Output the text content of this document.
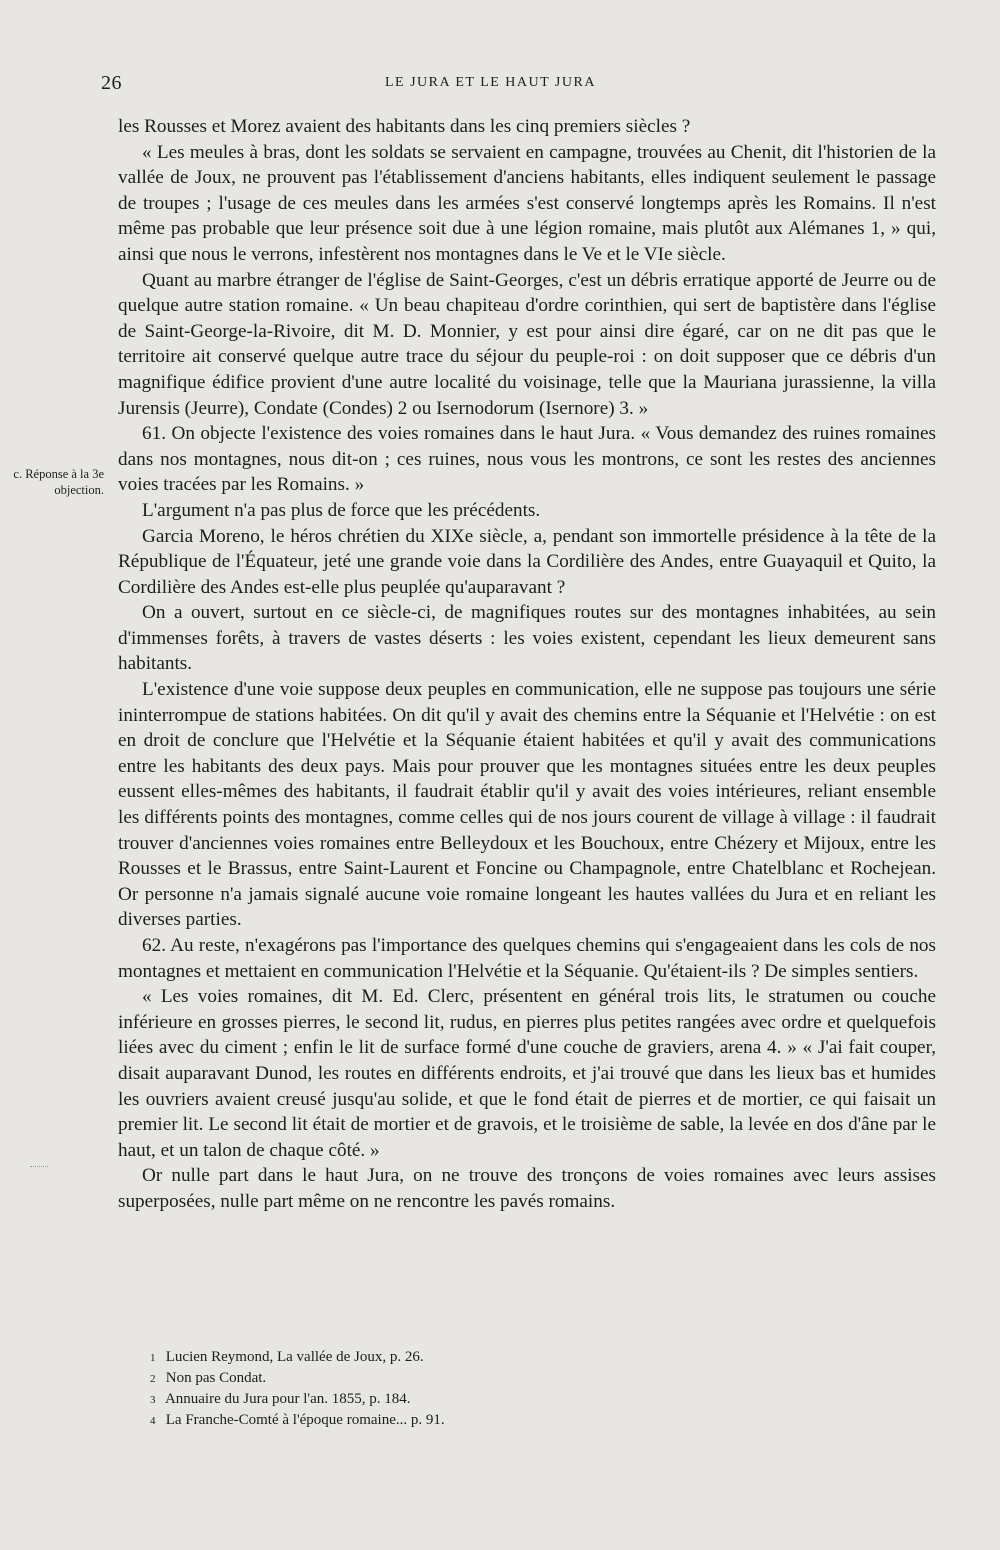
26	LE JURA ET LE HAUT JURA
c. Réponse à la 3e objection.

les Rousses et Morez avaient des habitants dans les cinq premiers siècles ?

« Les meules à bras, dont les soldats se servaient en campagne, trouvées au Chenit, dit l'historien de la vallée de Joux, ne prouvent pas l'établissement d'anciens habitants, elles indiquent seulement le passage de troupes ; l'usage de ces meules dans les armées s'est conservé longtemps après les Romains. Il n'est même pas probable que leur présence soit due à une légion romaine, mais plutôt aux Alémanes 1, » qui, ainsi que nous le verrons, infestèrent nos montagnes dans le Ve et le VIe siècle.

Quant au marbre étranger de l'église de Saint-Georges, c'est un débris erratique apporté de Jeurre ou de quelque autre station romaine. « Un beau chapiteau d'ordre corinthien, qui sert de baptistère dans l'église de Saint-George-la-Rivoire, dit M. D. Monnier, y est pour ainsi dire égaré, car on ne dit pas que le territoire ait conservé quelque autre trace du séjour du peuple-roi : on doit supposer que ce débris d'un magnifique édifice provient d'une autre localité du voisinage, telle que la Mauriana jurassienne, la villa Jurensis (Jeurre), Condate (Condes) 2 ou Isernodorum (Isernore) 3. »

61. On objecte l'existence des voies romaines dans le haut Jura. « Vous demandez des ruines romaines dans nos montagnes, nous dit-on ; ces ruines, nous vous les montrons, ce sont les restes des anciennes voies tracées par les Romains. »

L'argument n'a pas plus de force que les précédents.

Garcia Moreno, le héros chrétien du XIXe siècle, a, pendant son immortelle présidence à la tête de la République de l'Équateur, jeté une grande voie dans la Cordilière des Andes, entre Guayaquil et Quito, la Cordilière des Andes est-elle plus peuplée qu'auparavant ?

On a ouvert, surtout en ce siècle-ci, de magnifiques routes sur des montagnes inhabitées, au sein d'immenses forêts, à travers de vastes déserts : les voies existent, cependant les lieux demeurent sans habitants.

L'existence d'une voie suppose deux peuples en communication, elle ne suppose pas toujours une série ininterrompue de stations habitées. On dit qu'il y avait des chemins entre la Séquanie et l'Helvétie : on est en droit de conclure que l'Helvétie et la Séquanie étaient habitées et qu'il y avait des communications entre les habitants des deux pays. Mais pour prouver que les montagnes situées entre les deux peuples eussent elles-mêmes des habitants, il faudrait établir qu'il y avait des voies intérieures, reliant ensemble les différents points des montagnes, comme celles qui de nos jours courent de village à village : il faudrait trouver d'anciennes voies romaines entre Belleydoux et les Bouchoux, entre Chézery et Mijoux, entre les Rousses et le Brassus, entre Saint-Laurent et Foncine ou Champagnole, entre Chatelblanc et Rochejean. Or personne n'a jamais signalé aucune voie romaine longeant les hautes vallées du Jura et en reliant les diverses parties.

62. Au reste, n'exagérons pas l'importance des quelques chemins qui s'engageaient dans les cols de nos montagnes et mettaient en communication l'Helvétie et la Séquanie. Qu'étaient-ils ? De simples sentiers.

« Les voies romaines, dit M. Ed. Clerc, présentent en général trois lits, le stratumen ou couche inférieure en grosses pierres, le second lit, rudus, en pierres plus petites rangées avec ordre et quelquefois liées avec du ciment ; enfin le lit de surface formé d'une couche de graviers, arena 4. » « J'ai fait couper, disait auparavant Dunod, les routes en différents endroits, et j'ai trouvé que dans les lieux bas et humides les ouvriers avaient creusé jusqu'au solide, et que le fond était de pierres et de mortier, ce qui faisait un premier lit. Le second lit était de mortier et de gravois, et le troisième de sable, la levée en dos d'âne par le haut, et un talon de chaque côté. »

Or nulle part dans le haut Jura, on ne trouve des tronçons de voies romaines avec leurs assises superposées, nulle part même on ne rencontre les pavés romains.

1 Lucien Reymond, La vallée de Joux, p. 26.

2 Non pas Condat.

3 Annuaire du Jura pour l'an. 1855, p. 184.

4 La Franche-Comté à l'époque romaine... p. 91.
